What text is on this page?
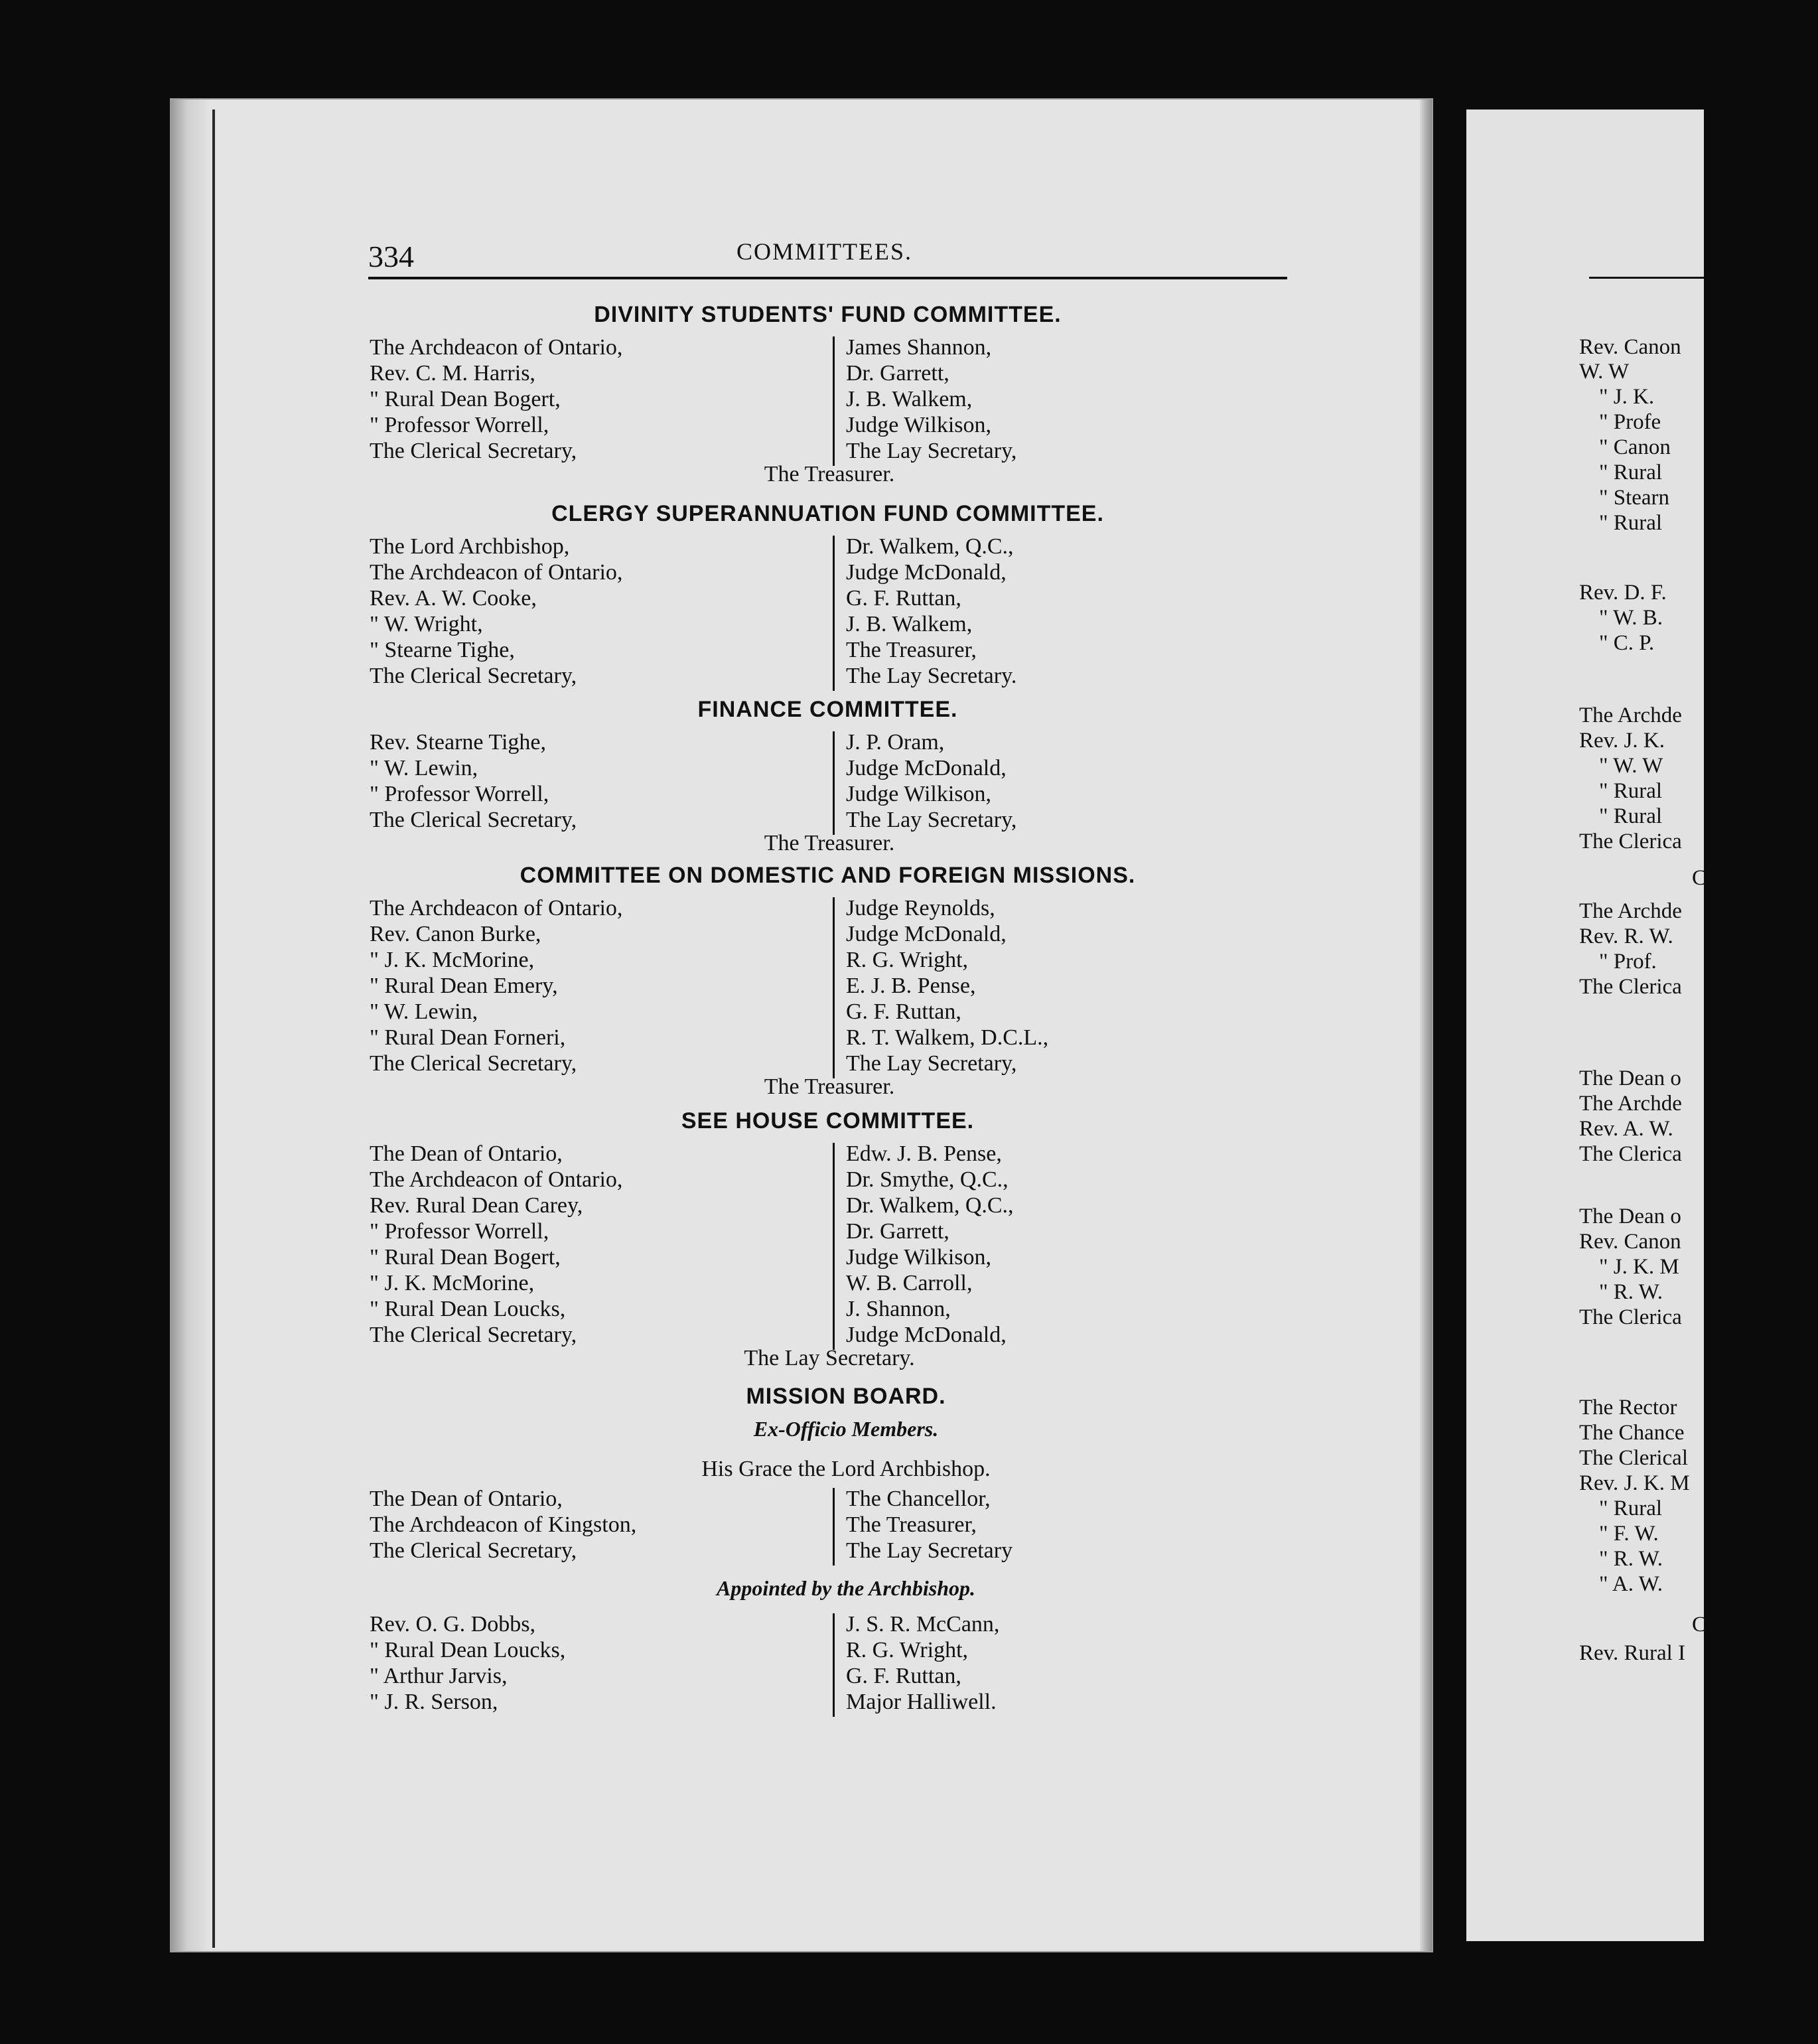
Rev. Canon
W. W
" J. K.
" Profe
" Canon
" Rural
" Stearn
" Rural
Rev. D. F.
" W. B.
" C. P.
The Archde
Rev. J. K.
" W. W
" Rural
" Rural
The Clerica
C
The Archde
Rev. R. W.
" Prof.
The Clerica
The Dean o
The Archde
Rev. A. W.
The Clerica
The Dean o
Rev. Canon
" J. K. M
" R. W.
The Clerica
The Rector
The Chance
The Clerical
Rev. J. K. M
" Rural
" F. W.
" R. W.
" A. W.
C
Rev. Rural I
334	COMMITTEES.
DIVINITY STUDENTS' FUND COMMITTEE.
The Archdeacon of Ontario,
Rev. C. M. Harris,
" Rural Dean Bogert,
" Professor Worrell,
The Clerical Secretary,
James Shannon,
Dr. Garrett,
J. B. Walkem,
Judge Wilkison,
The Lay Secretary,
The Treasurer.
CLERGY SUPERANNUATION FUND COMMITTEE.
The Lord Archbishop,
The Archdeacon of Ontario,
Rev. A. W. Cooke,
" W. Wright,
" Stearne Tighe,
The Clerical Secretary,
Dr. Walkem, Q.C.,
Judge McDonald,
G. F. Ruttan,
J. B. Walkem,
The Treasurer,
The Lay Secretary.
FINANCE COMMITTEE.
Rev. Stearne Tighe,
" W. Lewin,
" Professor Worrell,
The Clerical Secretary,
J. P. Oram,
Judge McDonald,
Judge Wilkison,
The Lay Secretary,
The Treasurer.
COMMITTEE ON DOMESTIC AND FOREIGN MISSIONS.
The Archdeacon of Ontario,
Rev. Canon Burke,
" J. K. McMorine,
" Rural Dean Emery,
" W. Lewin,
" Rural Dean Forneri,
The Clerical Secretary,
Judge Reynolds,
Judge McDonald,
R. G. Wright,
E. J. B. Pense,
G. F. Ruttan,
R. T. Walkem, D.C.L.,
The Lay Secretary,
The Treasurer.
SEE HOUSE COMMITTEE.
The Dean of Ontario,
The Archdeacon of Ontario,
Rev. Rural Dean Carey,
" Professor Worrell,
" Rural Dean Bogert,
" J. K. McMorine,
" Rural Dean Loucks,
The Clerical Secretary,
Edw. J. B. Pense,
Dr. Smythe, Q.C.,
Dr. Walkem, Q.C.,
Dr. Garrett,
Judge Wilkison,
W. B. Carroll,
J. Shannon,
Judge McDonald,
The Lay Secretary.
MISSION BOARD.
Ex-Officio Members.
His Grace the Lord Archbishop.
The Dean of Ontario,
The Archdeacon of Kingston,
The Clerical Secretary,
The Chancellor,
The Treasurer,
The Lay Secretary
Appointed by the Archbishop.
Rev. O. G. Dobbs,
" Rural Dean Loucks,
" Arthur Jarvis,
" J. R. Serson,
J. S. R. McCann,
R. G. Wright,
G. F. Ruttan,
Major Halliwell.
